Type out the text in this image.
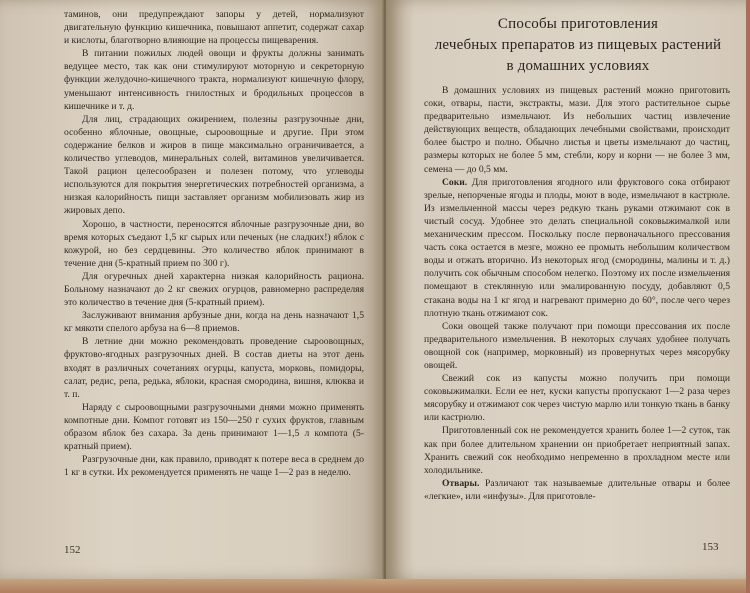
таминов, они предупреждают запоры у детей, нормализуют двигательную функцию кишечника, повышают аппетит, содержат сахар и кислоты, благотворно влияющие на процессы пищеварения.

В питании пожилых людей овощи и фрукты должны занимать ведущее место, так как они стимулируют моторную и секреторную функции желудочно-кишечного тракта, нормализуют кишечную флору, уменьшают интенсивность гнилостных и бродильных процессов в кишечнике и т. д.

Для лиц, страдающих ожирением, полезны разгрузочные дни, особенно яблочные, овощные, сыроовощные и другие. При этом содержание белков и жиров в пище максимально ограничивается, а количество углеводов, минеральных солей, витаминов увеличивается. Такой рацион целесообразен и полезен потому, что углеводы используются для покрытия энергетических потребностей организма, а низкая калорийность пищи заставляет организм мобилизовать жир из жировых депо.

Хорошо, в частности, переносятся яблочные разгрузочные дни, во время которых съедают 1,5 кг сырых или печеных (не сладких!) яблок с кожурой, но без сердцевины. Это количество яблок принимают в течение дня (5-кратный прием по 300 г).

Для огуречных дней характерна низкая калорийность рациона. Больному назначают до 2 кг свежих огурцов, равномерно распределяя это количество в течение дня (5-кратный прием).

Заслуживают внимания арбузные дни, когда на день назначают 1,5 кг мякоти спелого арбуза на 6—8 приемов.

В летние дни можно рекомендовать проведение сыроовощных, фруктово-ягодных разгрузочных дней. В состав диеты на этот день входят в различных сочетаниях огурцы, капуста, морковь, помидоры, салат, редис, репа, редька, яблоки, красная смородина, вишня, клюква и т. п.

Наряду с сыроовощными разгрузочными днями можно применять компотные дни. Компот готовят из 150—250 г сухих фруктов, главным образом яблок без сахара. За день принимают 1—1,5 л компота (5-кратный прием).

Разгрузочные дни, как правило, приводят к потере веса в среднем до 1 кг в сутки. Их рекомендуется применять не чаще 1—2 раз в неделю.

152
Способы приготовления
лечебных препаратов из пищевых растений
в домашних условиях

В домашних условиях из пищевых растений можно приготовить соки, отвары, пасти, экстракты, мази. Для этого растительное сырье предварительно измельчают. Из небольших частиц извлечение действующих веществ, обладающих лечебными свойствами, происходит более быстро и полно. Обычно листья и цветы измельчают до частиц, размеры которых не более 5 мм, стебли, кору и корни — не более 3 мм, семена — до 0,5 мм.

Соки. Для приготовления ягодного или фруктового сока отбирают зрелые, непорченые ягоды и плоды, моют в воде, измельчают в кастрюле. Из измельченной массы через редкую ткань руками отжимают сок в чистый сосуд. Удобнее это делать специальной соковыжималкой или механическим прессом. Поскольку после первоначального прессования часть сока остается в мезге, можно ее промыть небольшим количеством воды и отжать вторично. Из некоторых ягод (смородины, малины и т. д.) получить сок обычным способом нелегко. Поэтому их после измельчения помещают в стеклянную или эмалированную посуду, добавляют 0,5 стакана воды на 1 кг ягод и нагревают примерно до 60°, после чего через плотную ткань отжимают сок.

Соки овощей также получают при помощи прессования их после предварительного измельчения. В некоторых случаях удобнее получать овощной сок (например, морковный) из провернутых через мясорубку овощей.

Свежий сок из капусты можно получить при помощи соковыжималки. Если ее нет, куски капусты пропускают 1—2 раза через мясорубку и отжимают сок через чистую марлю или тонкую ткань в банку или кастрюлю.

Приготовленный сок не рекомендуется хранить более 1—2 суток, так как при более длительном хранении он приобретает неприятный запах. Хранить свежий сок необходимо непременно в прохладном месте или холодильнике.

Отвары. Различают так называемые длительные отвары и более «легкие», или «инфузы». Для приготовле-

153
